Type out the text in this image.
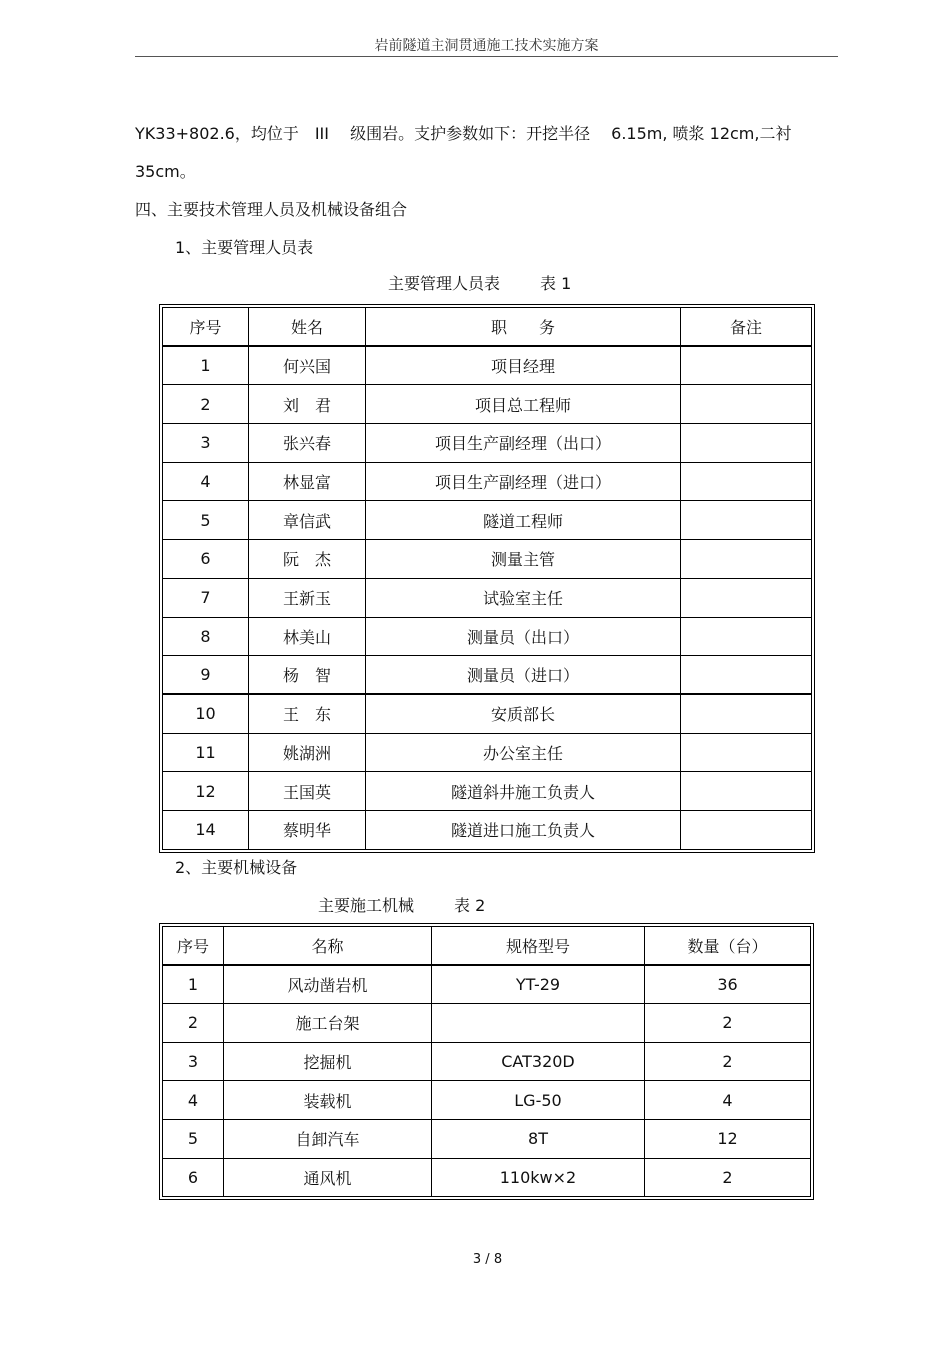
岩前隧道主洞贯通施工技术实施方案
YK33+802.6，均位于　III　 级围岩。支护参数如下：开挖半径　 6.15m, 喷浆 12cm,二衬
35cm。
四、主要技术管理人员及机械设备组合
1、主要管理人员表
主要管理人员表	表 1
序号	姓名	职　　务	备注
1	何兴国	项目经理	
2	刘　君	项目总工程师	
3	张兴春	项目生产副经理（出口）	
4	林显富	项目生产副经理（进口）	
5	章信武	隧道工程师	
6	阮　杰	测量主管	
7	王新玉	试验室主任	
8	林美山	测量员（出口）	
9	杨　智	测量员（进口）	
10	王　东	安质部长	
11	姚湖洲	办公室主任	
12	王国英	隧道斜井施工负责人	
14	蔡明华	隧道进口施工负责人	
2、主要机械设备
主要施工机械	表 2
序号	名称	规格型号	数量（台）
1	风动凿岩机	YT-29	36
2	施工台架		2
3	挖掘机	CAT320D	2
4	装载机	LG-50	4
5	自卸汽车	8T	12
6	通风机	110kw×2	2
3 / 8
